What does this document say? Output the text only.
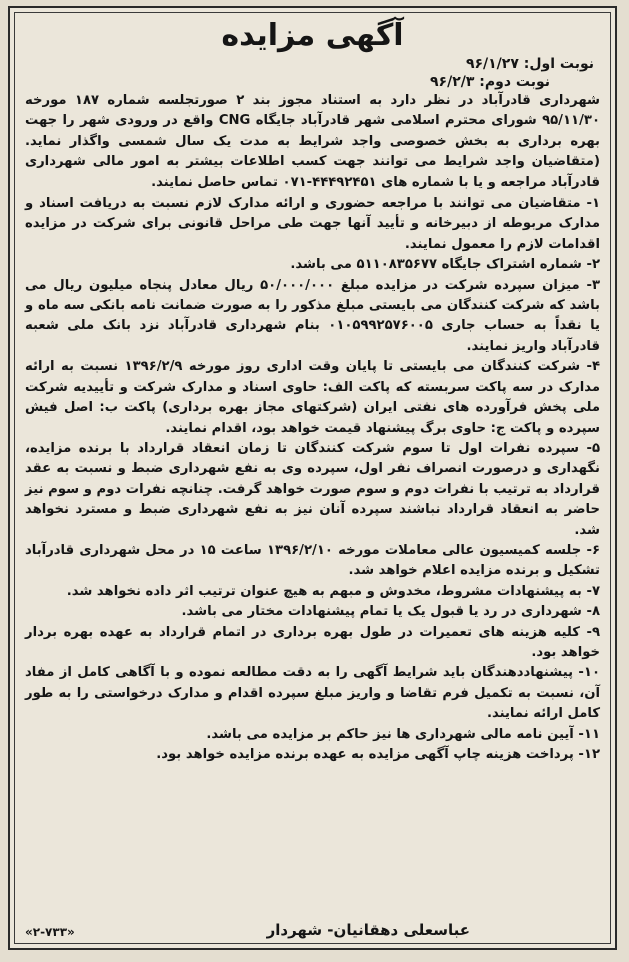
آگهی مزایده
نوبت اول: ۹۶/۱/۲۷
نوبت دوم: ۹۶/۲/۳

شهرداری قادرآباد در نظر دارد به استناد مجوز بند ۲ صورتجلسه شماره ۱۸۷ مورخه ۹۵/۱۱/۳۰ شورای محترم اسلامی شهر قادرآباد جایگاه CNG واقع در ورودی شهر را جهت بهره برداری به بخش خصوصی واجد شرایط به مدت یک سال شمسی واگذار نماید. (متقاضیان واجد شرایط می توانند جهت کسب اطلاعات بیشتر به امور مالی شهرداری قادرآباد مراجعه و یا با شماره های ۴۴۴۹۲۴۵۱-۰۷۱ تماس حاصل نمایند.

۱- متقاضیان می توانند با مراجعه حضوری و ارائه مدارک لازم نسبت به دریافت اسناد و مدارک مربوطه از دبیرخانه و تأیید آنها جهت طی مراحل قانونی برای شرکت در مزایده اقدامات لازم را معمول نمایند.

۲- شماره اشتراک جایگاه ۵۱۱۰۸۳۵۶۷۷ می باشد.

۳- میزان سپرده شرکت در مزایده مبلغ ۵۰/۰۰۰/۰۰۰ ریال معادل پنجاه میلیون ریال می باشد که شرکت کنندگان می بایستی مبلغ مذکور را به صورت ضمانت نامه بانکی سه ماه و یا نقداً به حساب جاری ۰۱۰۵۹۹۲۵۷۶۰۰۵ بنام شهرداری قادرآباد نزد بانک ملی شعبه قادرآباد واریز نمایند.

۴- شرکت کنندگان می بایستی تا پایان وقت اداری روز مورخه ۱۳۹۶/۲/۹ نسبت به ارائه مدارک در سه پاکت سربسته که پاکت الف: حاوی اسناد و مدارک شرکت و تأییدیه شرکت ملی پخش فرآورده های نفتی ایران (شرکتهای مجاز بهره برداری) پاکت ب: اصل فیش سپرده و پاکت ج: حاوی برگ پیشنهاد قیمت خواهد بود، اقدام نمایند.

۵- سپرده نفرات اول تا سوم شرکت کنندگان تا زمان انعقاد قرارداد با برنده مزایده، نگهداری و درصورت انصراف نفر اول، سپرده وی به نفع شهرداری ضبط و نسبت به عقد قرارداد به ترتیب با نفرات دوم و سوم صورت خواهد گرفت. چنانچه نفرات دوم و سوم نیز حاضر به انعقاد قرارداد نباشند سپرده آنان نیز به نفع شهرداری ضبط و مسترد نخواهد شد.

۶- جلسه کمیسیون عالی معاملات مورخه ۱۳۹۶/۲/۱۰ ساعت ۱۵ در محل شهرداری قادرآباد تشکیل و برنده مزایده اعلام خواهد شد.

۷- به پیشنهادات مشروط، مخدوش و مبهم به هیچ عنوان ترتیب اثر داده نخواهد شد.

۸- شهرداری در رد یا قبول یک یا تمام پیشنهادات مختار می باشد.

۹- کلیه هزینه های تعمیرات در طول بهره برداری در اتمام قرارداد به عهده بهره بردار خواهد بود.

۱۰- پیشنهاددهندگان باید شرایط آگهی را به دقت مطالعه نموده و با آگاهی کامل از مفاد آن، نسبت به تکمیل فرم تقاضا و واریز مبلغ سپرده اقدام و مدارک درخواستی را به طور کامل ارائه نمایند.

۱۱- آیین نامه مالی شهرداری ها نیز حاکم بر مزایده می باشد.

۱۲- پرداخت هزینه چاپ آگهی مزایده به عهده برنده مزایده خواهد بود.

عباسعلی دهقانیان- شهردار
«۲-۷۳۳»
